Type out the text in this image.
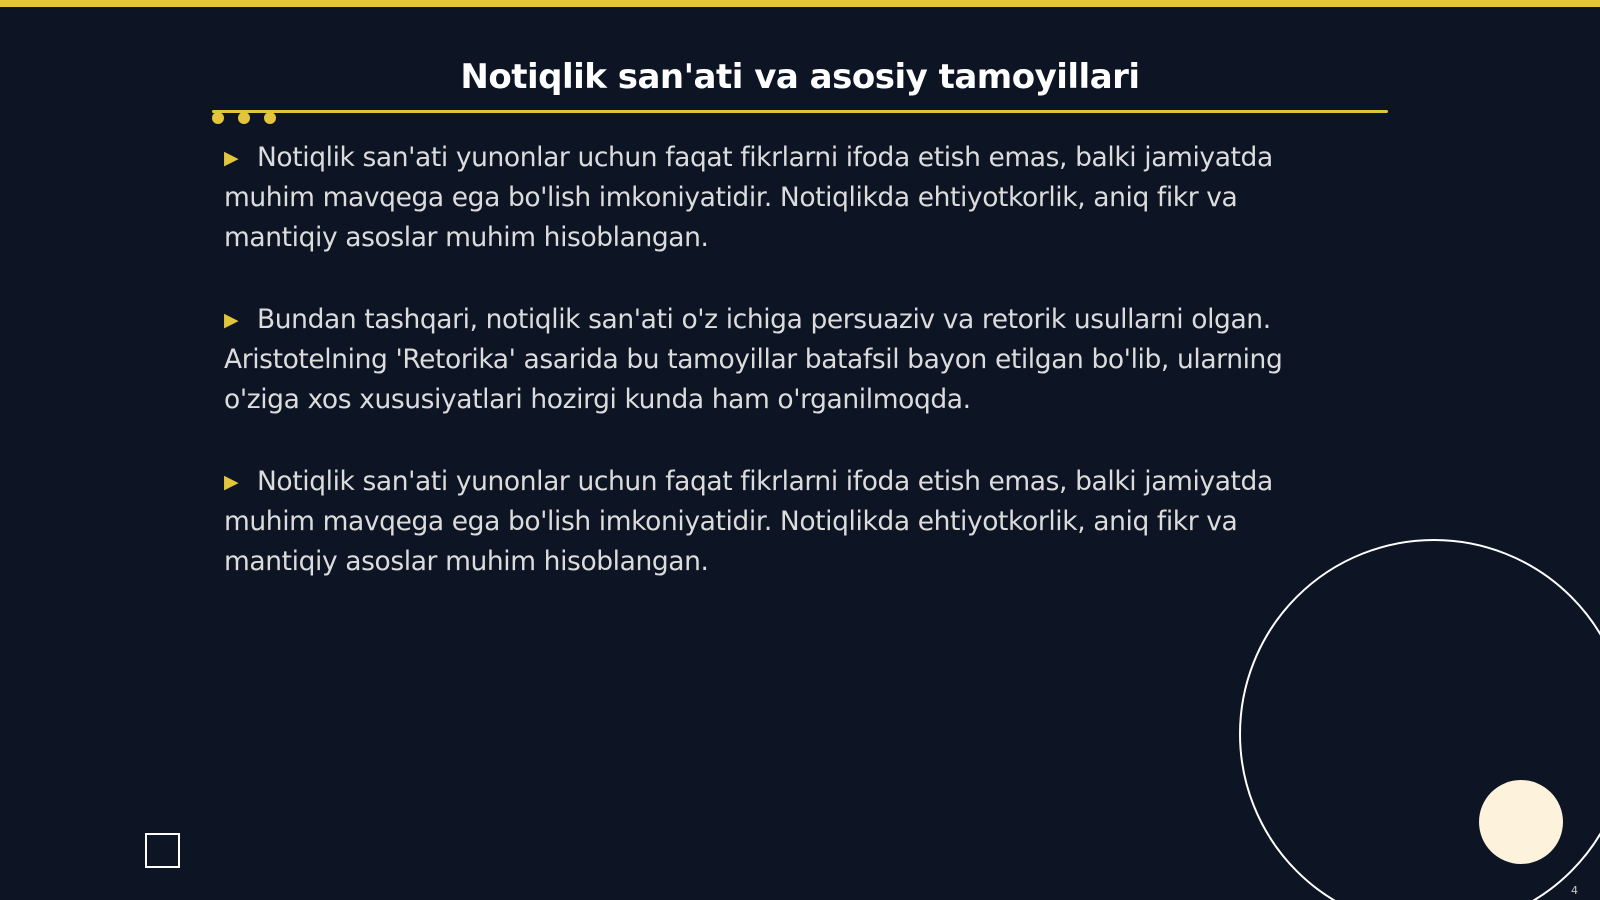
Notiqlik san'ati va asosiy tamoyillari

▶ Notiqlik san'ati yunonlar uchun faqat fikrlarni ifoda etish emas, balki jamiyatda muhim mavqega ega bo'lish imkoniyatidir. Notiqlikda ehtiyotkorlik, aniq fikr va mantiqiy asoslar muhim hisoblangan.

▶ Bundan tashqari, notiqlik san'ati o'z ichiga persuaziv va retorik usullarni olgan. Aristotelning 'Retorika' asarida bu tamoyillar batafsil bayon etilgan bo'lib, ularning o'ziga xos xususiyatlari hozirgi kunda ham o'rganilmoqda.

▶ Notiqlik san'ati yunonlar uchun faqat fikrlarni ifoda etish emas, balki jamiyatda muhim mavqega ega bo'lish imkoniyatidir. Notiqlikda ehtiyotkorlik, aniq fikr va mantiqiy asoslar muhim hisoblangan.

4
